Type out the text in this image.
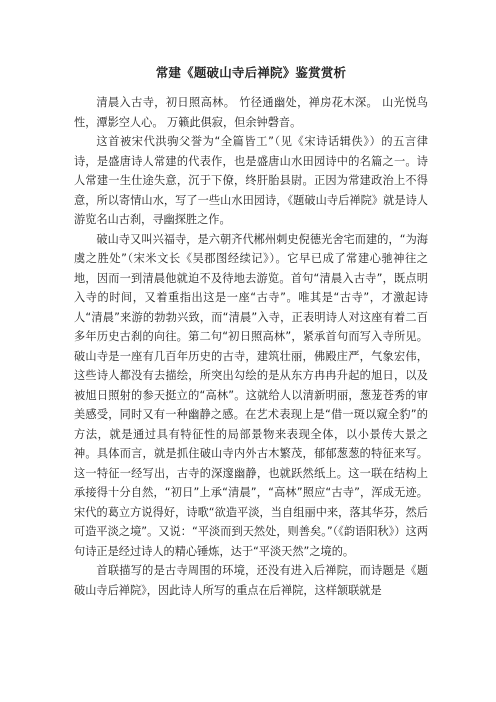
常建《题破山寺后禅院》鉴赏赏析

清晨入古寺，初日照高林。 竹径通幽处，禅房花木深。 山光悦鸟性，潭影空人心。 万籁此俱寂，但余钟磬音。

这首被宋代洪驹父誉为“全篇皆工”（见《宋诗话辑佚》）的五言律诗，是盛唐诗人常建的代表作，也是盛唐山水田园诗中的名篇之一。诗人常建一生仕途失意，沉于下僚，终肝胎县尉。正因为常建政治上不得意，所以寄情山水，写了一些山水田园诗，《题破山寺后禅院》就是诗人游览名山古刹，寻幽探胜之作。

破山寺又叫兴福寺，是六朝齐代郴州刺史倪德光舍宅而建的，“为海虞之胜处”（宋米文长《吴郡图经续记》）。它早已成了常建心驰神往之地，因而一到清晨他就迫不及待地去游览。首句“清晨入古寺”，既点明入寺的时间，又着重指出这是一座“古寺”。唯其是“古寺”，才激起诗人“清晨”来游的勃勃兴致，而“清晨”入寺，正表明诗人对这座有着二百多年历史古刹的向往。第二句“初日照高林”，紧承首句而写入寺所见。破山寺是一座有几百年历史的古寺，建筑壮丽，佛殿庄严，气象宏伟，这些诗人都没有去描绘，所突出勾绘的是从东方冉冉升起的旭日，以及被旭日照射的参天挺立的“高林”。这就给人以清新明丽，葱茏苍秀的审美感受，同时又有一种幽静之感。在艺术表现上是“借一斑以窥全豹”的方法，就是通过具有特征性的局部景物来表现全体，以小景传大景之神。具体而言，就是抓住破山寺内外古木繁茂，郁郁葱葱的特征来写。这一特征一经写出，古寺的深邃幽静，也就跃然纸上。这一联在结构上承接得十分自然，“初日”上承“清晨”，“高林”照应“古寺”，浑成无迹。宋代的葛立方说得好，诗歌“欲造平淡，当自组丽中来，落其华芬，然后可造平淡之境”。又说：“平淡而到天然处，则善矣。”（《韵语阳秋》）这两句诗正是经过诗人的精心锤炼，达于“平淡天然”之境的。

首联描写的是古寺周围的环境，还没有进入后禅院，而诗题是《题破山寺后禅院》，因此诗人所写的重点在后禅院，这样颔联就是
